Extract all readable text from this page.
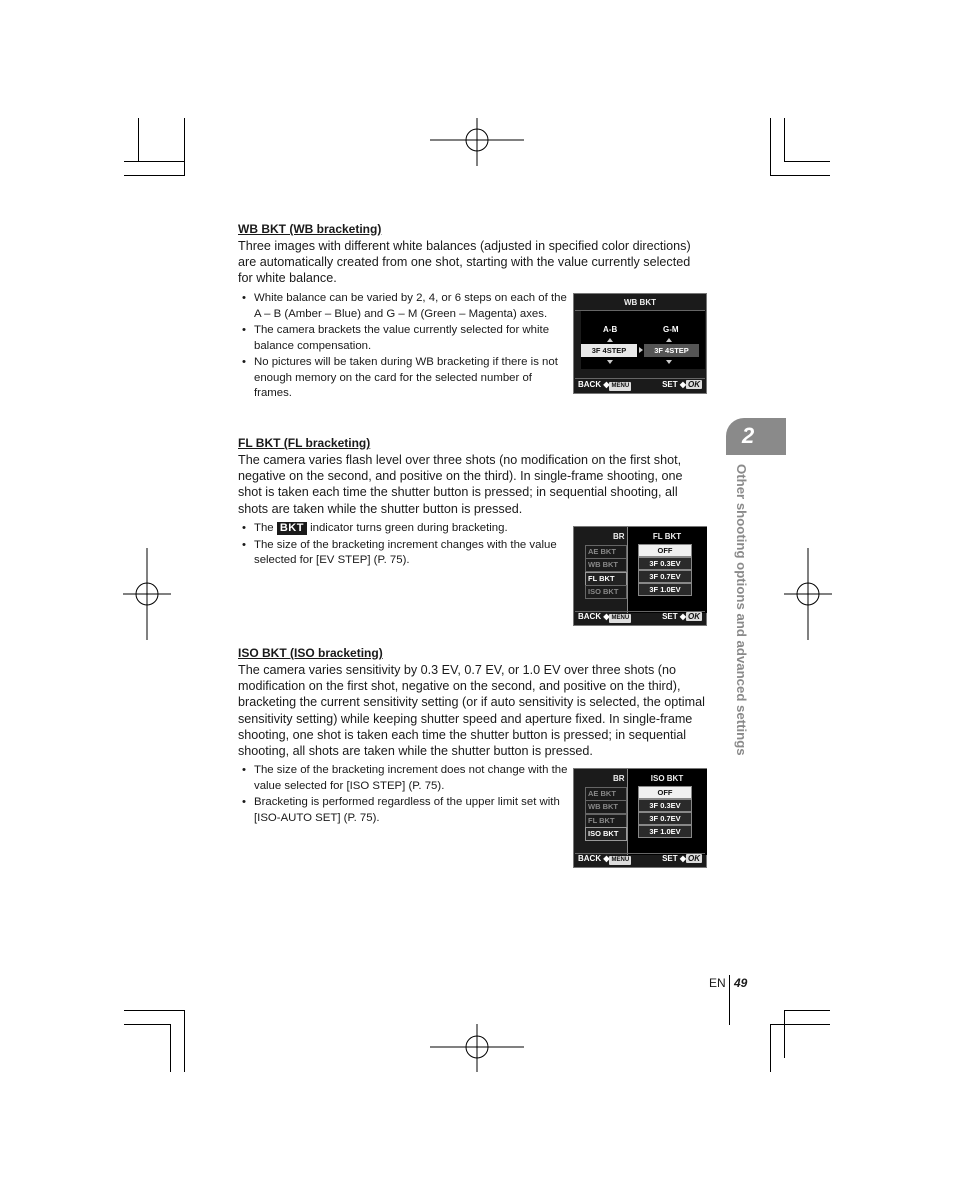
WB BKT (WB bracketing)
Three images with different white balances (adjusted in specified color directions) are automatically created from one shot, starting with the value currently selected for white balance.
• White balance can be varied by 2, 4, or 6 steps on each of the A – B (Amber – Blue) and G – M (Green – Magenta) axes.
• The camera brackets the value currently selected for white balance compensation.
• No pictures will be taken during WB bracketing if there is not enough memory on the card for the selected number of frames.
WB BKT
A-B	G-M
3F 4STEP	3F 4STEP
BACK ◆ MENU	SET ◆ OK
FL BKT (FL bracketing)
The camera varies flash level over three shots (no modification on the first shot, negative on the second, and positive on the third). In single-frame shooting, one shot is taken each time the shutter button is pressed; in sequential shooting, all shots are taken while the shutter button is pressed.
• The BKT indicator turns green during bracketing.
• The size of the bracketing increment changes with the value selected for [EV STEP] (P. 75).
BR	FL BKT
AE BKT
WB BKT
FL BKT
ISO BKT
OFF
3F 0.3EV
3F 0.7EV
3F 1.0EV
BACK ◆ MENU	SET ◆ OK
ISO BKT (ISO bracketing)
The camera varies sensitivity by 0.3 EV, 0.7 EV, or 1.0 EV over three shots (no modification on the first shot, negative on the second, and positive on the third), bracketing the current sensitivity setting (or if auto sensitivity is selected, the optimal sensitivity setting) while keeping shutter speed and aperture fixed. In single-frame shooting, one shot is taken each time the shutter button is pressed; in sequential shooting, all shots are taken while the shutter button is pressed.
• The size of the bracketing increment does not change with the value selected for [ISO STEP] (P. 75).
• Bracketing is performed regardless of the upper limit set with [ISO-AUTO SET] (P. 75).
BR	ISO BKT
AE BKT
WB BKT
FL BKT
ISO BKT
OFF
3F 0.3EV
3F 0.7EV
3F 1.0EV
BACK ◆ MENU	SET ◆ OK
2
Other shooting options and advanced settings
EN 49
